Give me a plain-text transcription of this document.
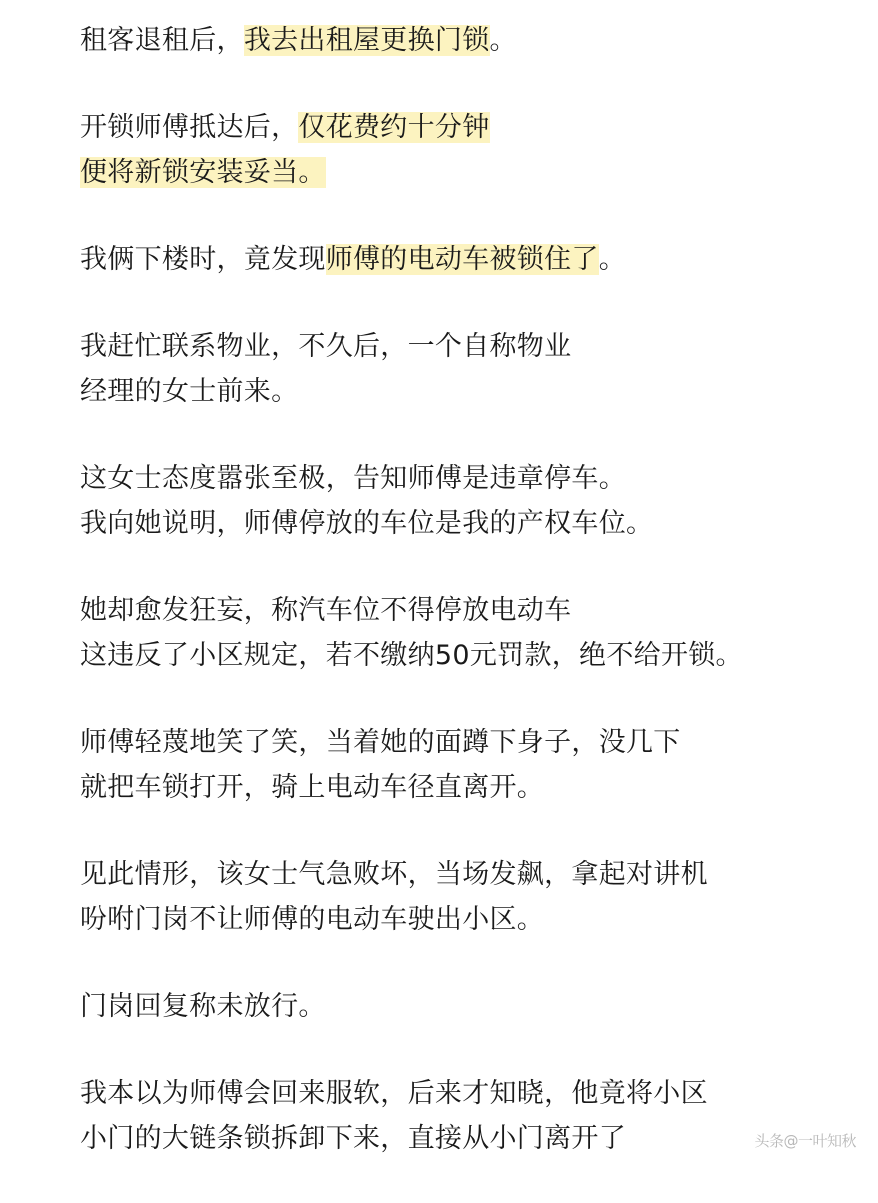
租客退租后，我去出租屋更换门锁。
开锁师傅抵达后，仅花费约十分钟
便将新锁安装妥当。
我俩下楼时，竟发现师傅的电动车被锁住了。
我赶忙联系物业，不久后，一个自称物业
经理的女士前来。
这女士态度嚣张至极，告知师傅是违章停车。
我向她说明，师傅停放的车位是我的产权车位。
她却愈发狂妄，称汽车位不得停放电动车
这违反了小区规定，若不缴纳50元罚款，绝不给开锁。
师傅轻蔑地笑了笑，当着她的面蹲下身子，没几下
就把车锁打开，骑上电动车径直离开。
见此情形，该女士气急败坏，当场发飙，拿起对讲机
吩咐门岗不让师傅的电动车驶出小区。
门岗回复称未放行。
我本以为师傅会回来服软，后来才知晓，他竟将小区
小门的大链条锁拆卸下来，直接从小门离开了	头条@一叶知秋
